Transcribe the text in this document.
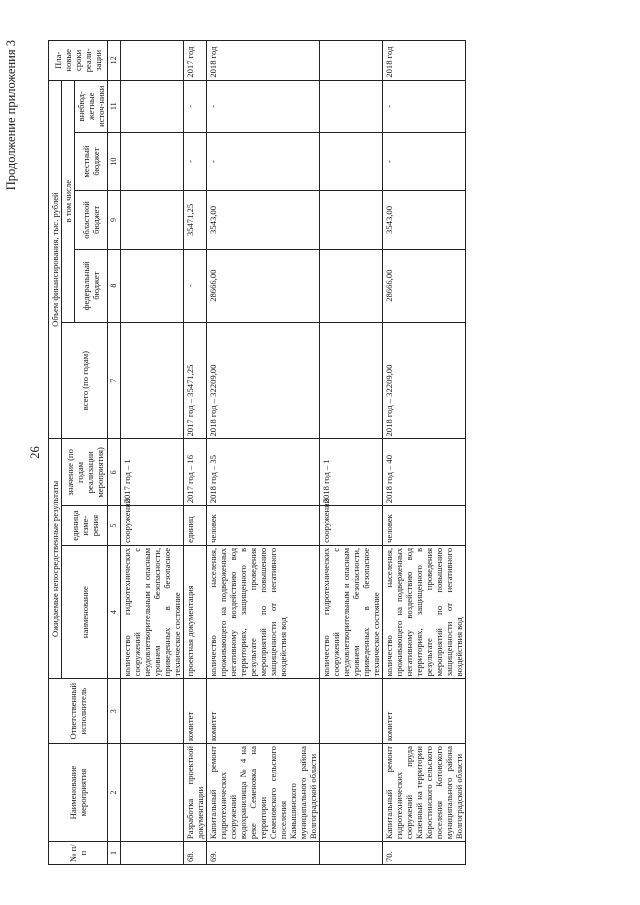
Продолжение приложения 3
26
№ п/п	Наименование мероприятия	Ответственный исполнитель	Ожидаемые непосредственные результаты			Объем финансирования, тыс. рублей					Пла-новые сроки реали-зации
			наименование	единица изме-рения	значение (по годам реализации мероприятия)	всего (по годам)	в том числе				
							федеральный бюджет	областной бюджет	местный бюджет	внебюд-жетные источ-ники	
1	2	3	4	5	6	7	8	9	10	11	12
			количество гидротехнических сооружений с неудовлетворительным и опасным уровнем безопасности, приведенных в безопасное техническое состояние	сооружений	2017 год – 1						
68.	Разработка проектной документации	комитет	проектная документация	единиц	2017 год – 16	2017 год – 35471,25	-	35471,25	-	-	2017 год
69.	Капитальный ремонт гидротехнических сооружений водохранилища № 4 на реке Семеновка на территории Семеновского сельского поселения Камышинского муниципального района Волгоградской области	комитет	количество населения, проживающего на подверженных негативному воздействию вод территориях, защищенного в результате проведения мероприятий по повышению защищенности от негативного воздействия вод	человек	2018 год – 35	2018 год – 32209,00	28666,00	3543,00	-	-	2018 год
			количество гидротехнических сооружений с неудовлетворительным и опасным уровнем безопасности, приведенных в безопасное техническое состояние	сооружений	2018 год – 1						
70.	Капитальный ремонт гидротехнических сооружений пруда Казенный на территории Коростинского сельского поселения Котовского муниципального района Волгоградской области	комитет	количество населения, проживающего на подверженных негативному воздействию вод территориях, защищенного в результате проведения мероприятий по повышению защищенности от негативного воздействия вод	человек	2018 год – 40	2018 год – 32209,00	28666,00	3543,00	-	-	2018 год
